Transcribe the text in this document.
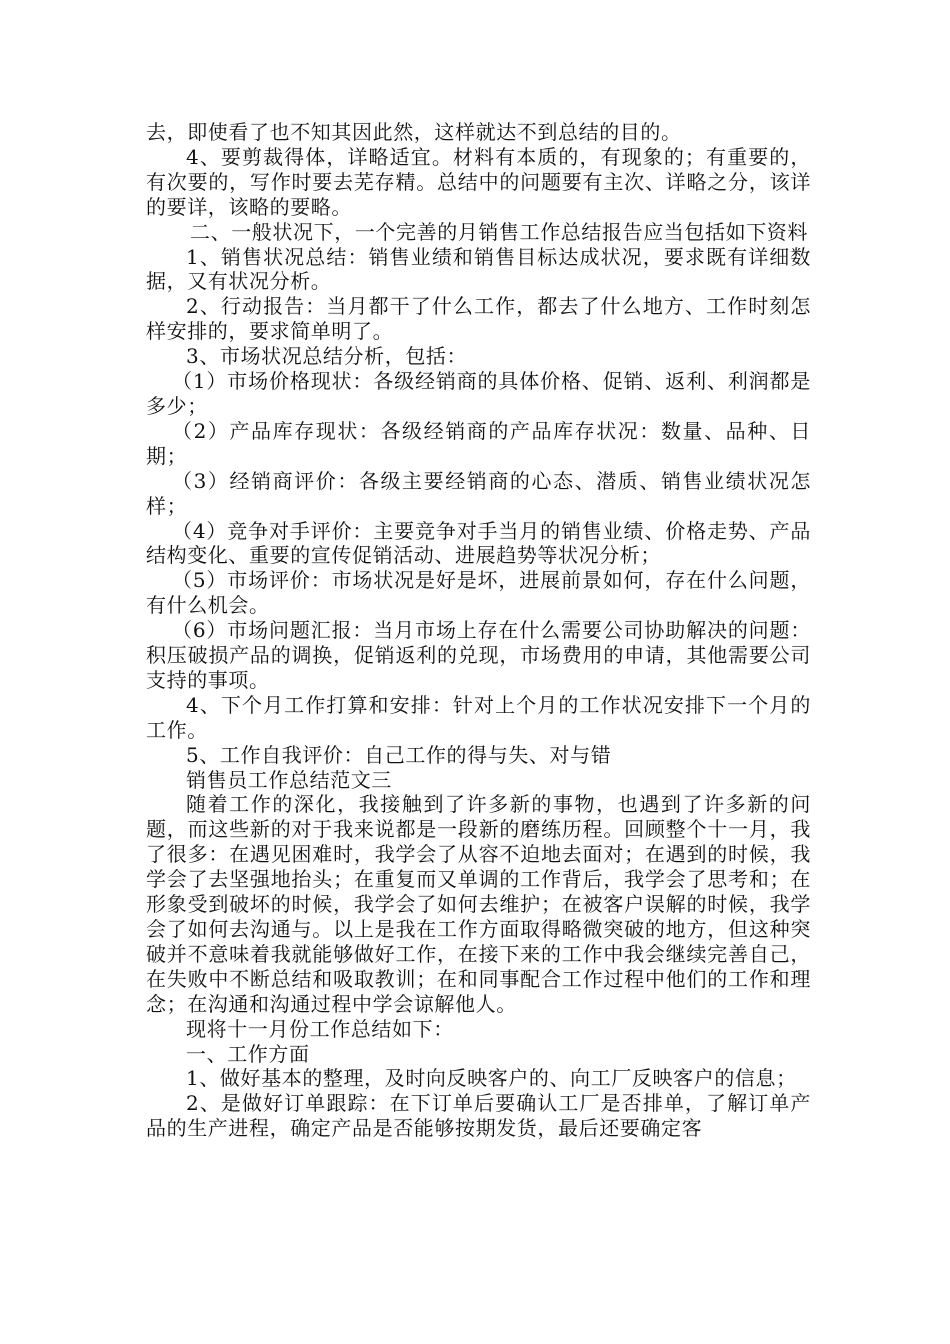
去，即使看了也不知其因此然，这样就达不到总结的目的。

4、要剪裁得体，详略适宜。材料有本质的，有现象的；有重要的，有次要的，写作时要去芜存精。总结中的问题要有主次、详略之分，该详的要详，该略的要略。

二、一般状况下，一个完善的月销售工作总结报告应当包括如下资料

1、销售状况总结：销售业绩和销售目标达成状况，要求既有详细数据，又有状况分析。

2、行动报告：当月都干了什么工作，都去了什么地方、工作时刻怎样安排的，要求简单明了。

3、市场状况总结分析，包括：

（1）市场价格现状：各级经销商的具体价格、促销、返利、利润都是多少；

（2）产品库存现状：各级经销商的产品库存状况：数量、品种、日期；

（3）经销商评价：各级主要经销商的心态、潜质、销售业绩状况怎样；

（4）竞争对手评价：主要竞争对手当月的销售业绩、价格走势、产品结构变化、重要的宣传促销活动、进展趋势等状况分析；

（5）市场评价：市场状况是好是坏，进展前景如何，存在什么问题，有什么机会。

（6）市场问题汇报：当月市场上存在什么需要公司协助解决的问题：积压破损产品的调换，促销返利的兑现，市场费用的申请，其他需要公司支持的事项。

4、下个月工作打算和安排：针对上个月的工作状况安排下一个月的工作。

5、工作自我评价：自己工作的得与失、对与错

销售员工作总结范文三

随着工作的深化，我接触到了许多新的事物，也遇到了许多新的问题，而这些新的对于我来说都是一段新的磨练历程。回顾整个十一月，我了很多：在遇见困难时，我学会了从容不迫地去面对；在遇到的时候，我学会了去坚强地抬头；在重复而又单调的工作背后，我学会了思考和；在形象受到破坏的时候，我学会了如何去维护；在被客户误解的时候，我学会了如何去沟通与。以上是我在工作方面取得略微突破的地方，但这种突破并不意味着我就能够做好工作，在接下来的工作中我会继续完善自己，在失败中不断总结和吸取教训；在和同事配合工作过程中他们的工作和理念；在沟通和沟通过程中学会谅解他人。

现将十一月份工作总结如下：

一、工作方面

1、做好基本的整理，及时向反映客户的、向工厂反映客户的信息；

2、是做好订单跟踪：在下订单后要确认工厂是否排单，了解订单产品的生产进程，确定产品是否能够按期发货，最后还要确定客
